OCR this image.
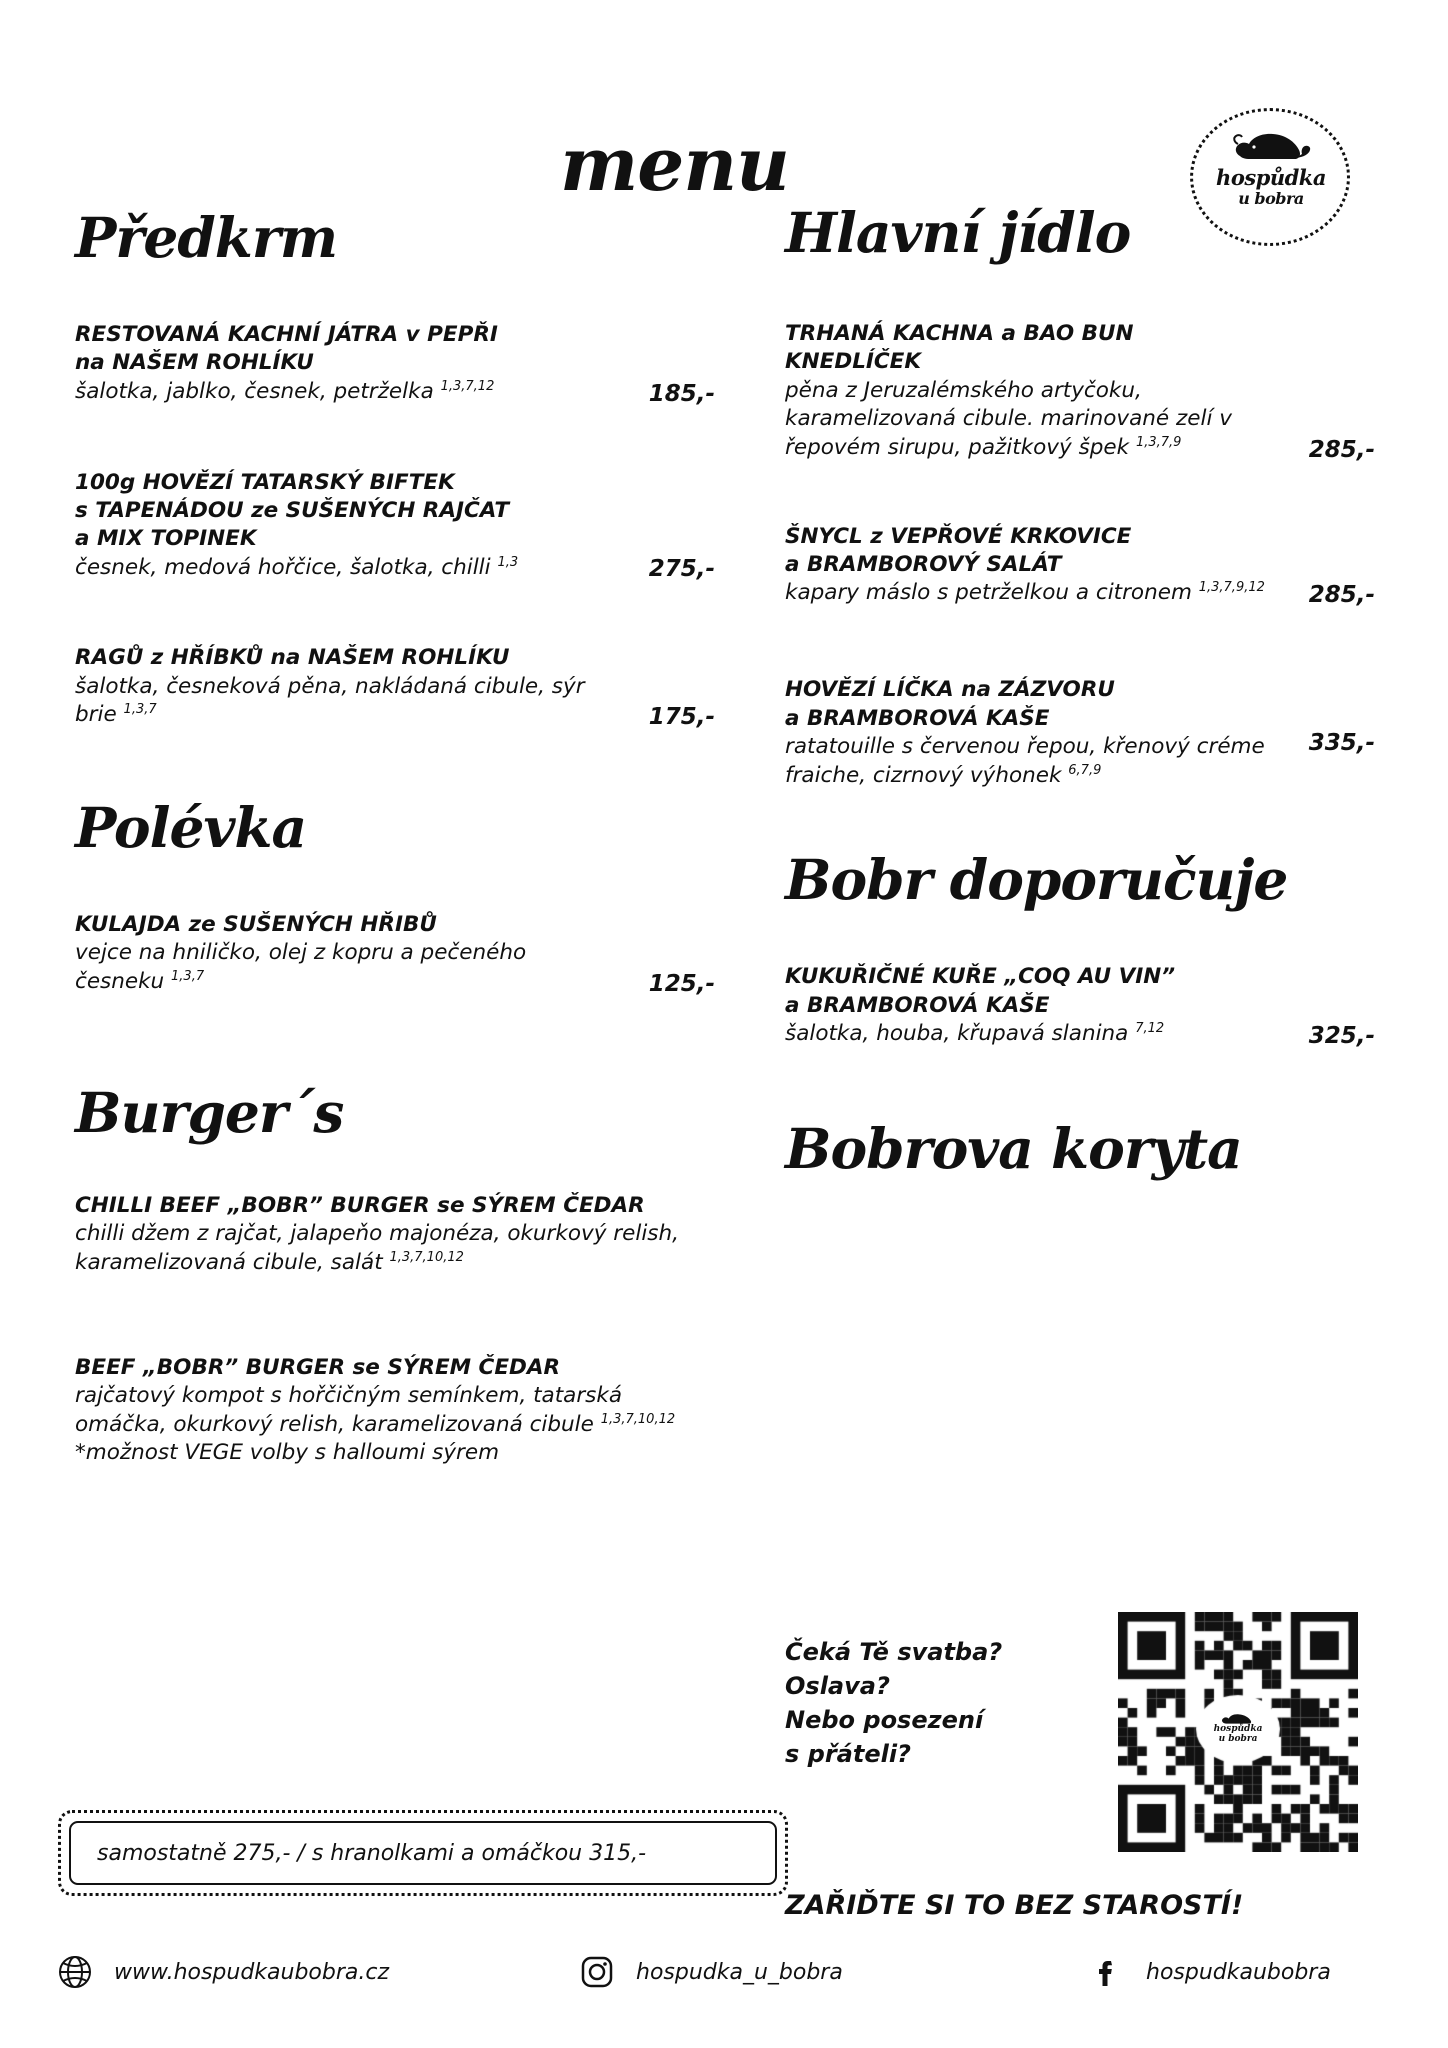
menu	hospůdka
u bobra
Předkrm
RESTOVANÁ KACHNÍ JÁTRA v PEPŘI
na NAŠEM ROHLÍKU
šalotka, jablko, česnek, petrželka $^{1,3,7,12}$	185,-
100g HOVĚZÍ TATARSKÝ BIFTEK
s TAPENÁDOU ze SUŠENÝCH RAJČAT
a MIX TOPINEK
česnek, medová hořčice, šalotka, chilli $^{1,3}$	275,-
RAGŮ z HŘÍBKŮ na NAŠEM ROHLÍKU
šalotka, česneková pěna, nakládaná cibule, sýr brie $^{1,3,7}$	175,-
Polévka
KULAJDA ze SUŠENÝCH HŘIBŮ
vejce na hniličko, olej z kopru a pečeného česneku $^{1,3,7}$	125,-
Burger´s
CHILLI BEEF „BOBR” BURGER se SÝREM ČEDAR
chilli džem z rajčat, jalapeňo majonéza, okurkový relish, karamelizovaná cibule, salát $^{1,3,7,10,12}$
BEEF „BOBR” BURGER se SÝREM ČEDAR
rajčatový kompot s hořčičným semínkem, tatarská omáčka, okurkový relish, karamelizovaná cibule $^{1,3,7,10,12}$
*možnost VEGE volby s halloumi sýrem
samostatně 275,- / s hranolkami a omáčkou 315,-
Hlavní jídlo
TRHANÁ KACHNA a BAO BUN
KNEDLÍČEK
pěna z Jeruzalémského artyčoku, karamelizovaná cibule. marinované zelí v řepovém sirupu, pažitkový špek $^{1,3,7,9}$	285,-
ŠNYCL z VEPŘOVÉ KRKOVICE
a BRAMBOROVÝ SALÁT
kapary máslo s petrželkou a citronem $^{1,3,7,9,12}$	285,-
HOVĚZÍ LÍČKA na ZÁZVORU
a BRAMBOROVÁ KAŠE
ratatouille s červenou řepou, křenový créme fraiche, cizrnový výhonek $^{6,7,9}$
335,-
Bobr doporučuje
KUKUŘIČNÉ KUŘE „COQ AU VIN”
a BRAMBOROVÁ KAŠE
šalotka, houba, křupavá slanina $^{7,12}$	325,-
Bobrova koryta
Čeká Tě svatba?
Oslava?
Nebo posezení
s přáteli?
hospůdka
u bobra
ZAŘIĎTE SI TO BEZ STAROSTÍ!
www.hospudkaubobra.cz	hospudka_u_bobra	hospudkaubobra
